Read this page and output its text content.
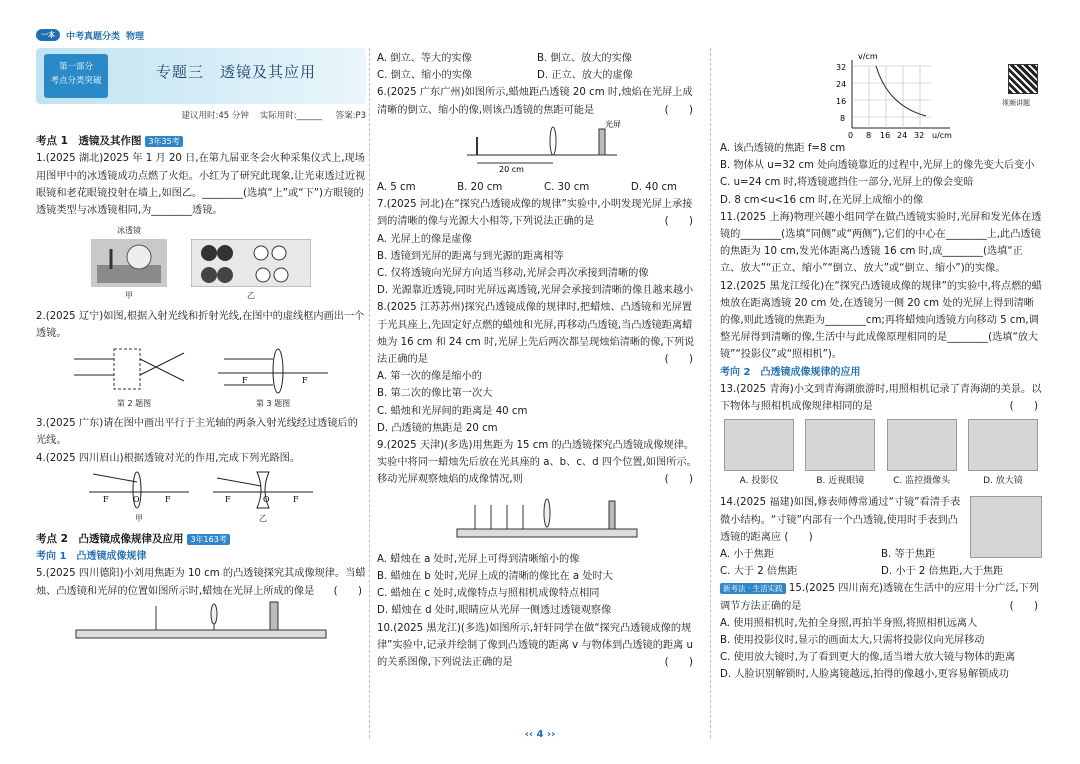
一本	中考真题分类 物理
第一部分
考点分类突破	专题三　透镜及其应用
建议用时:45 分钟 实际用时:______ 答案:P3
考点 1　透镜及其作图 3年35考

1.(2025 湖北)2025 年 1 月 20 日,在第九届亚冬会火种采集仪式上,现场用图甲中的冰透镜成功点燃了火炬。小红为了研究此现象,让光束透过近视眼镜和老花眼镜投射在墙上,如图乙。________(选填“上”或“下”)方眼镜的透镜类型与冰透镜相同,为________透镜。

冰透镜
甲
	乙

2.(2025 辽宁)如图,根据入射光线和折射光线,在图中的虚线框内画出一个透镜。

第 2 题图
F	F
第 3 题图

3.(2025 广东)请在图中画出平行于主光轴的两条入射光线经过透镜后的光线。

4.(2025 四川眉山)根据透镜对光的作用,完成下列光路图。

F	O	F
甲
F	O	F
乙
考点 2　凸透镜成像规律及应用 3年163考
考向 1　凸透镜成像规律
5.(2025 四川德阳)小刘用焦距为 10 cm 的凸透镜探究其成像规律。当蜡烛、凸透镜和光屏的位置如图所示时,蜡烛在光屏上所成的像是 (　　)
A. 倒立、等大的实像	B. 倒立、放大的实像
C. 倒立、缩小的实像	D. 正立、放大的虚像
6.(2025 广东广州)如图所示,蜡烛距凸透镜 20 cm 时,烛焰在光屏上成清晰的倒立、缩小的像,则该凸透镜的焦距可能是	(　　)
光屏
20 cm
A. 5 cm	B. 20 cm	C. 30 cm	D. 40 cm
7.(2025 河北)在“探究凸透镜成像的规律”实验中,小明发现光屏上承接到的清晰的像与光源大小相等,下列说法正确的是	(　　)
A. 光屏上的像是虚像
B. 透镜到光屏的距离与到光源的距离相等
C. 仅将透镜向光屏方向适当移动,光屏会再次承接到清晰的像
D. 光源靠近透镜,同时光屏远离透镜,光屏会承接到清晰的像且越来越小
8.(2025 江苏苏州)探究凸透镜成像的规律时,把蜡烛、凸透镜和光屏置于光具座上,先固定好点燃的蜡烛和光屏,再移动凸透镜,当凸透镜距离蜡烛为 16 cm 和 24 cm 时,光屏上先后两次都呈现烛焰清晰的像,下列说法正确的是	(　　)
A. 第一次的像是缩小的
B. 第二次的像比第一次大
C. 蜡烛和光屏间的距离是 40 cm
D. 凸透镜的焦距是 20 cm
9.(2025 天津)(多选)用焦距为 15 cm 的凸透镜探究凸透镜成像规律。实验中将同一蜡烛先后放在光具座的 a、b、c、d 四个位置,如图所示。移动光屏观察烛焰的成像情况,则	(　　)
A. 蜡烛在 a 处时,光屏上可得到清晰缩小的像
B. 蜡烛在 b 处时,光屏上成的清晰的像比在 a 处时大
C. 蜡烛在 c 处时,成像特点与照相机成像特点相同
D. 蜡烛在 d 处时,眼睛应从光屏一侧透过透镜观察像
10.(2025 黑龙江)(多选)如图所示,轩轩同学在做“探究凸透镜成像的规律”实验中,记录并绘制了像到凸透镜的距离 v 与物体到凸透镜的距离 u 的关系图像,下列说法正确的是	(　　)
v/cm
32
24
16
8
0 8 16 24 32 u/cm
视频讲题
A. 该凸透镜的焦距 f=8 cm
B. 物体从 u=32 cm 处向透镜靠近的过程中,光屏上的像先变大后变小
C. u=24 cm 时,将透镜遮挡住一部分,光屏上的像会变暗
D. 8 cm<u<16 cm 时,在光屏上成缩小的像

11.(2025 上海)物理兴趣小组同学在做凸透镜实验时,光屏和发光体在透镜的________(选填“同侧”或“两侧”),它们的中心在________上,此凸透镜的焦距为 10 cm,发光体距离凸透镜 16 cm 时,成________(选填“正立、放大”“正立、缩小”“倒立、放大”或“倒立、缩小”)的实像。

12.(2025 黑龙江绥化)在“探究凸透镜成像的规律”的实验中,将点燃的蜡烛放在距离透镜 20 cm 处,在透镜另一侧 20 cm 处的光屏上得到清晰的像,则此透镜的焦距为________cm;再将蜡烛向透镜方向移动 5 cm,调整光屏得到清晰的像,生活中与此成像原理相同的是________(选填“放大镜”“投影仪”或“照相机”)。

考向 2　凸透镜成像规律的应用
13.(2025 青海)小文到青海湖旅游时,用照相机记录了青海湖的美景。以下物体与照相机成像规律相同的是	(　　)
A. 投影仪	B. 近视眼镜	C. 监控摄像头	D. 放大镜
14.(2025 福建)如图,修表师傅常通过“寸镜”看清手表微小结构。“寸镜”内部有一个凸透镜,使用时手表到凸透镜的距离应 (　　)
A. 小于焦距	B. 等于焦距
C. 大于 2 倍焦距	D. 小于 2 倍焦距,大于焦距
新考法 · 生活实践 15.(2025 四川南充)透镜在生活中的应用十分广泛,下列调节方法正确的是	(　　)
A. 使用照相机时,先拍全身照,再拍半身照,将照相机远离人
B. 使用投影仪时,显示的画面太大,只需将投影仪向光屏移动
C. 使用放大镜时,为了看到更大的像,适当增大放大镜与物体的距离
D. 人脸识别解锁时,人脸离镜越远,拍得的像越小,更容易解锁成功
‹‹ 4 ››
